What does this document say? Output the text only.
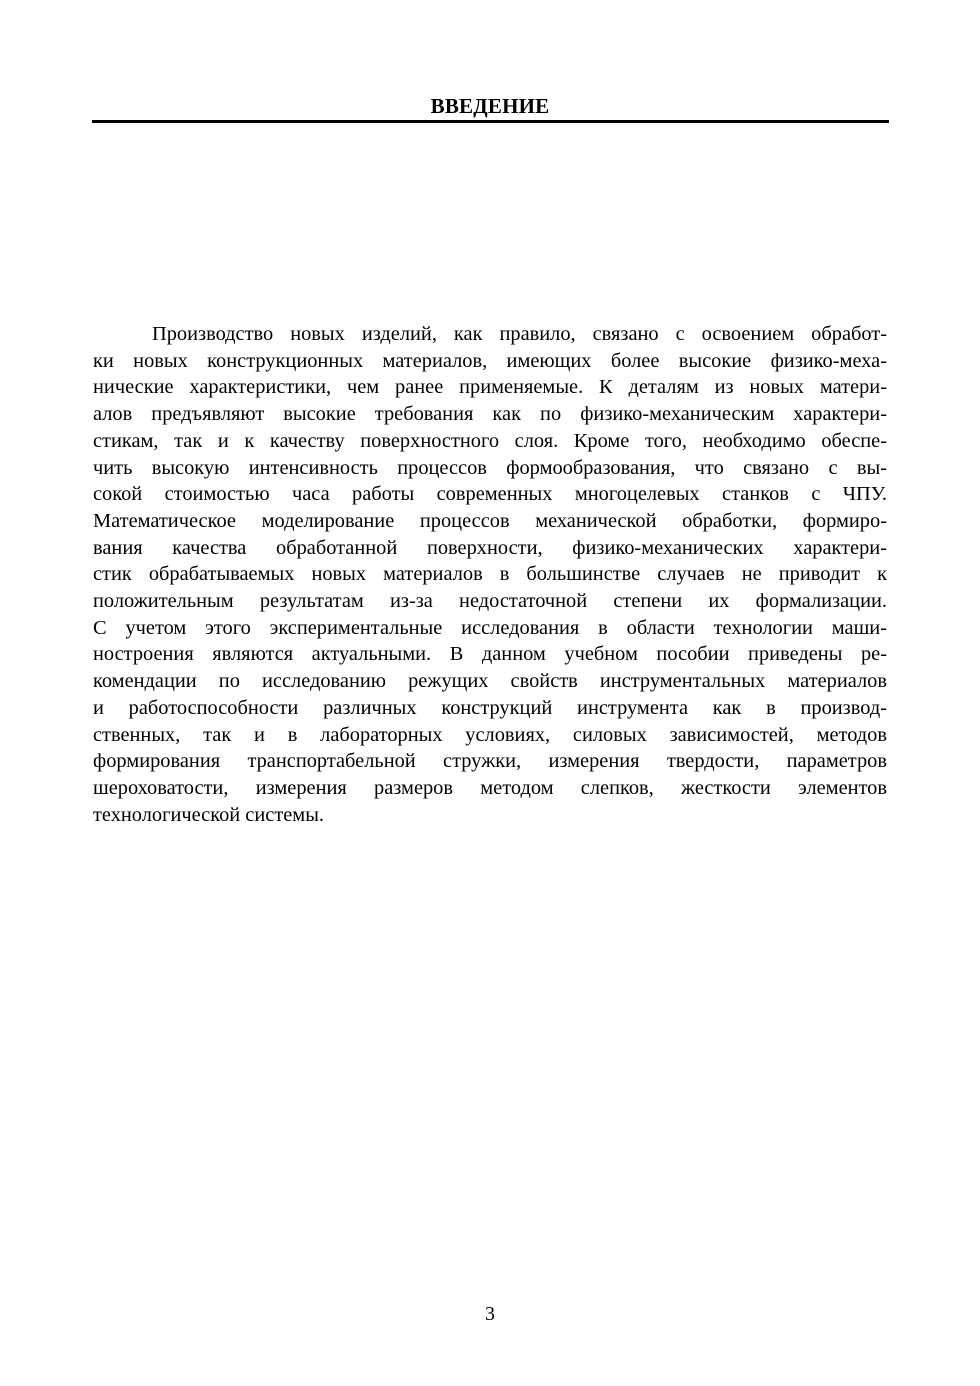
ВВЕДЕНИЕ
Производство новых изделий, как правило, связано с освоением обработ-
ки новых конструкционных материалов, имеющих более высокие физико-меха-
нические характеристики, чем ранее применяемые. К деталям из новых матери-
алов предъявляют высокие требования как по физико-механическим характери-
стикам, так и к качеству поверхностного слоя. Кроме того, необходимо обеспе-
чить высокую интенсивность процессов формообразования, что связано с вы-
сокой стоимостью часа работы современных многоцелевых станков с ЧПУ.
Математическое моделирование процессов механической обработки, формиро-
вания качества обработанной поверхности, физико-механических характери-
стик обрабатываемых новых материалов в большинстве случаев не приводит к
положительным результатам из-за недостаточной степени их формализации.
С учетом этого экспериментальные исследования в области технологии маши-
ностроения являются актуальными. В данном учебном пособии приведены ре-
комендации по исследованию режущих свойств инструментальных материалов
и работоспособности различных конструкций инструмента как в производ-
ственных, так и в лабораторных условиях, силовых зависимостей, методов
формирования транспортабельной стружки, измерения твердости, параметров
шероховатости, измерения размеров методом слепков, жесткости элементов
технологической системы.
3
